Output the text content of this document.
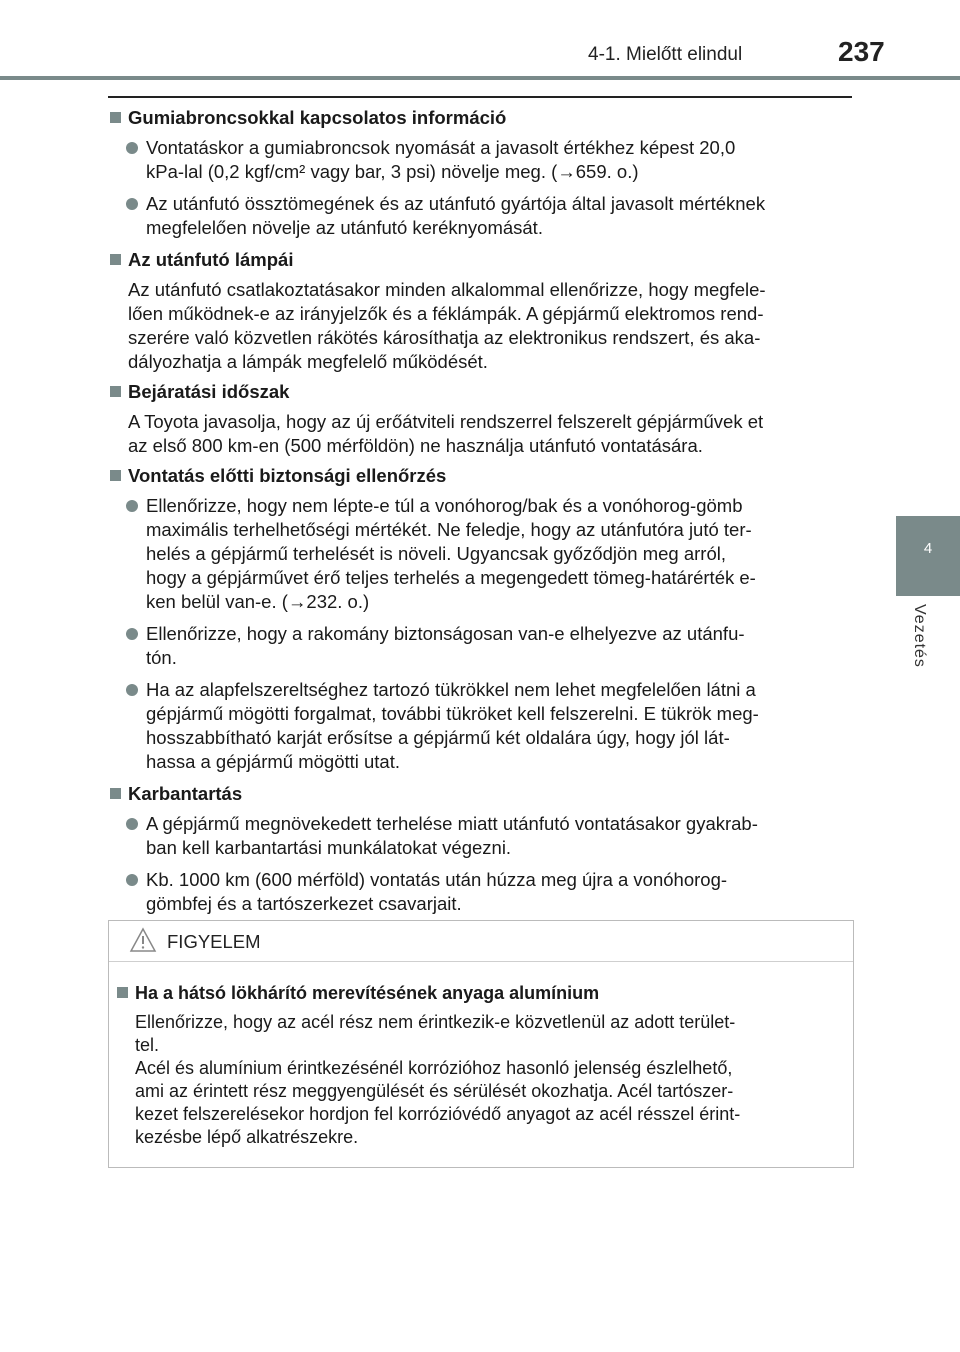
4-1. Mielőtt elindul	237
4
Vezetés
Gumiabroncsokkal kapcsolatos információ
Vontatáskor a gumiabroncsok nyomását a javasolt értékhez képest 20,0
kPa-lal (0,2 kgf/cm² vagy bar, 3 psi) növelje meg. (→659. o.)
Az utánfutó össztömegének és az utánfutó gyártója által javasolt mértéknek
megfelelően növelje az utánfutó keréknyomását.
Az utánfutó lámpái
Az utánfutó csatlakoztatásakor minden alkalommal ellenőrizze, hogy megfele-
lően működnek-e az irányjelzők és a féklámpák. A gépjármű elektromos rend-
szerére való közvetlen rákötés károsíthatja az elektronikus rendszert, és aka-
dályozhatja a lámpák megfelelő működését.
Bejáratási időszak
A Toyota javasolja, hogy az új erőátviteli rendszerrel felszerelt gépjárművek et
az első 800 km-en (500 mérföldön) ne használja utánfutó vontatására.
Vontatás előtti biztonsági ellenőrzés
Ellenőrizze, hogy nem lépte-e túl a vonóhorog/bak és a vonóhorog-gömb
maximális terhelhetőségi mértékét. Ne feledje, hogy az utánfutóra jutó ter-
helés a gépjármű terhelését is növeli. Ugyancsak győződjön meg arról,
hogy a gépjárművet érő teljes terhelés a megengedett tömeg-határérték e-
ken belül van-e. (→232. o.)
Ellenőrizze, hogy a rakomány biztonságosan van-e elhelyezve az utánfu-
tón.
Ha az alapfelszereltséghez tartozó tükrökkel nem lehet megfelelően látni a
gépjármű mögötti forgalmat, további tükröket kell felszerelni. E tükrök meg-
hosszabbítható karját erősítse a gépjármű két oldalára úgy, hogy jól lát-
hassa a gépjármű mögötti utat.
Karbantartás
A gépjármű megnövekedett terhelése miatt utánfutó vontatásakor gyakrab-
ban kell karbantartási munkálatokat végezni.
Kb. 1000 km (600 mérföld) vontatás után húzza meg újra a vonóhorog-
gömbfej és a tartószerkezet csavarjait.
FIGYELEM
Ha a hátsó lökhárító merevítésének anyaga alumínium
Ellenőrizze, hogy az acél rész nem érintkezik-e közvetlenül az adott terület-
tel.
Acél és alumínium érintkezésénél korrózióhoz hasonló jelenség észlelhető,
ami az érintett rész meggyengülését és sérülését okozhatja. Acél tartószer-
kezet felszerelésekor hordjon fel korrózióvédő anyagot az acél résszel érint-
kezésbe lépő alkatrészekre.
